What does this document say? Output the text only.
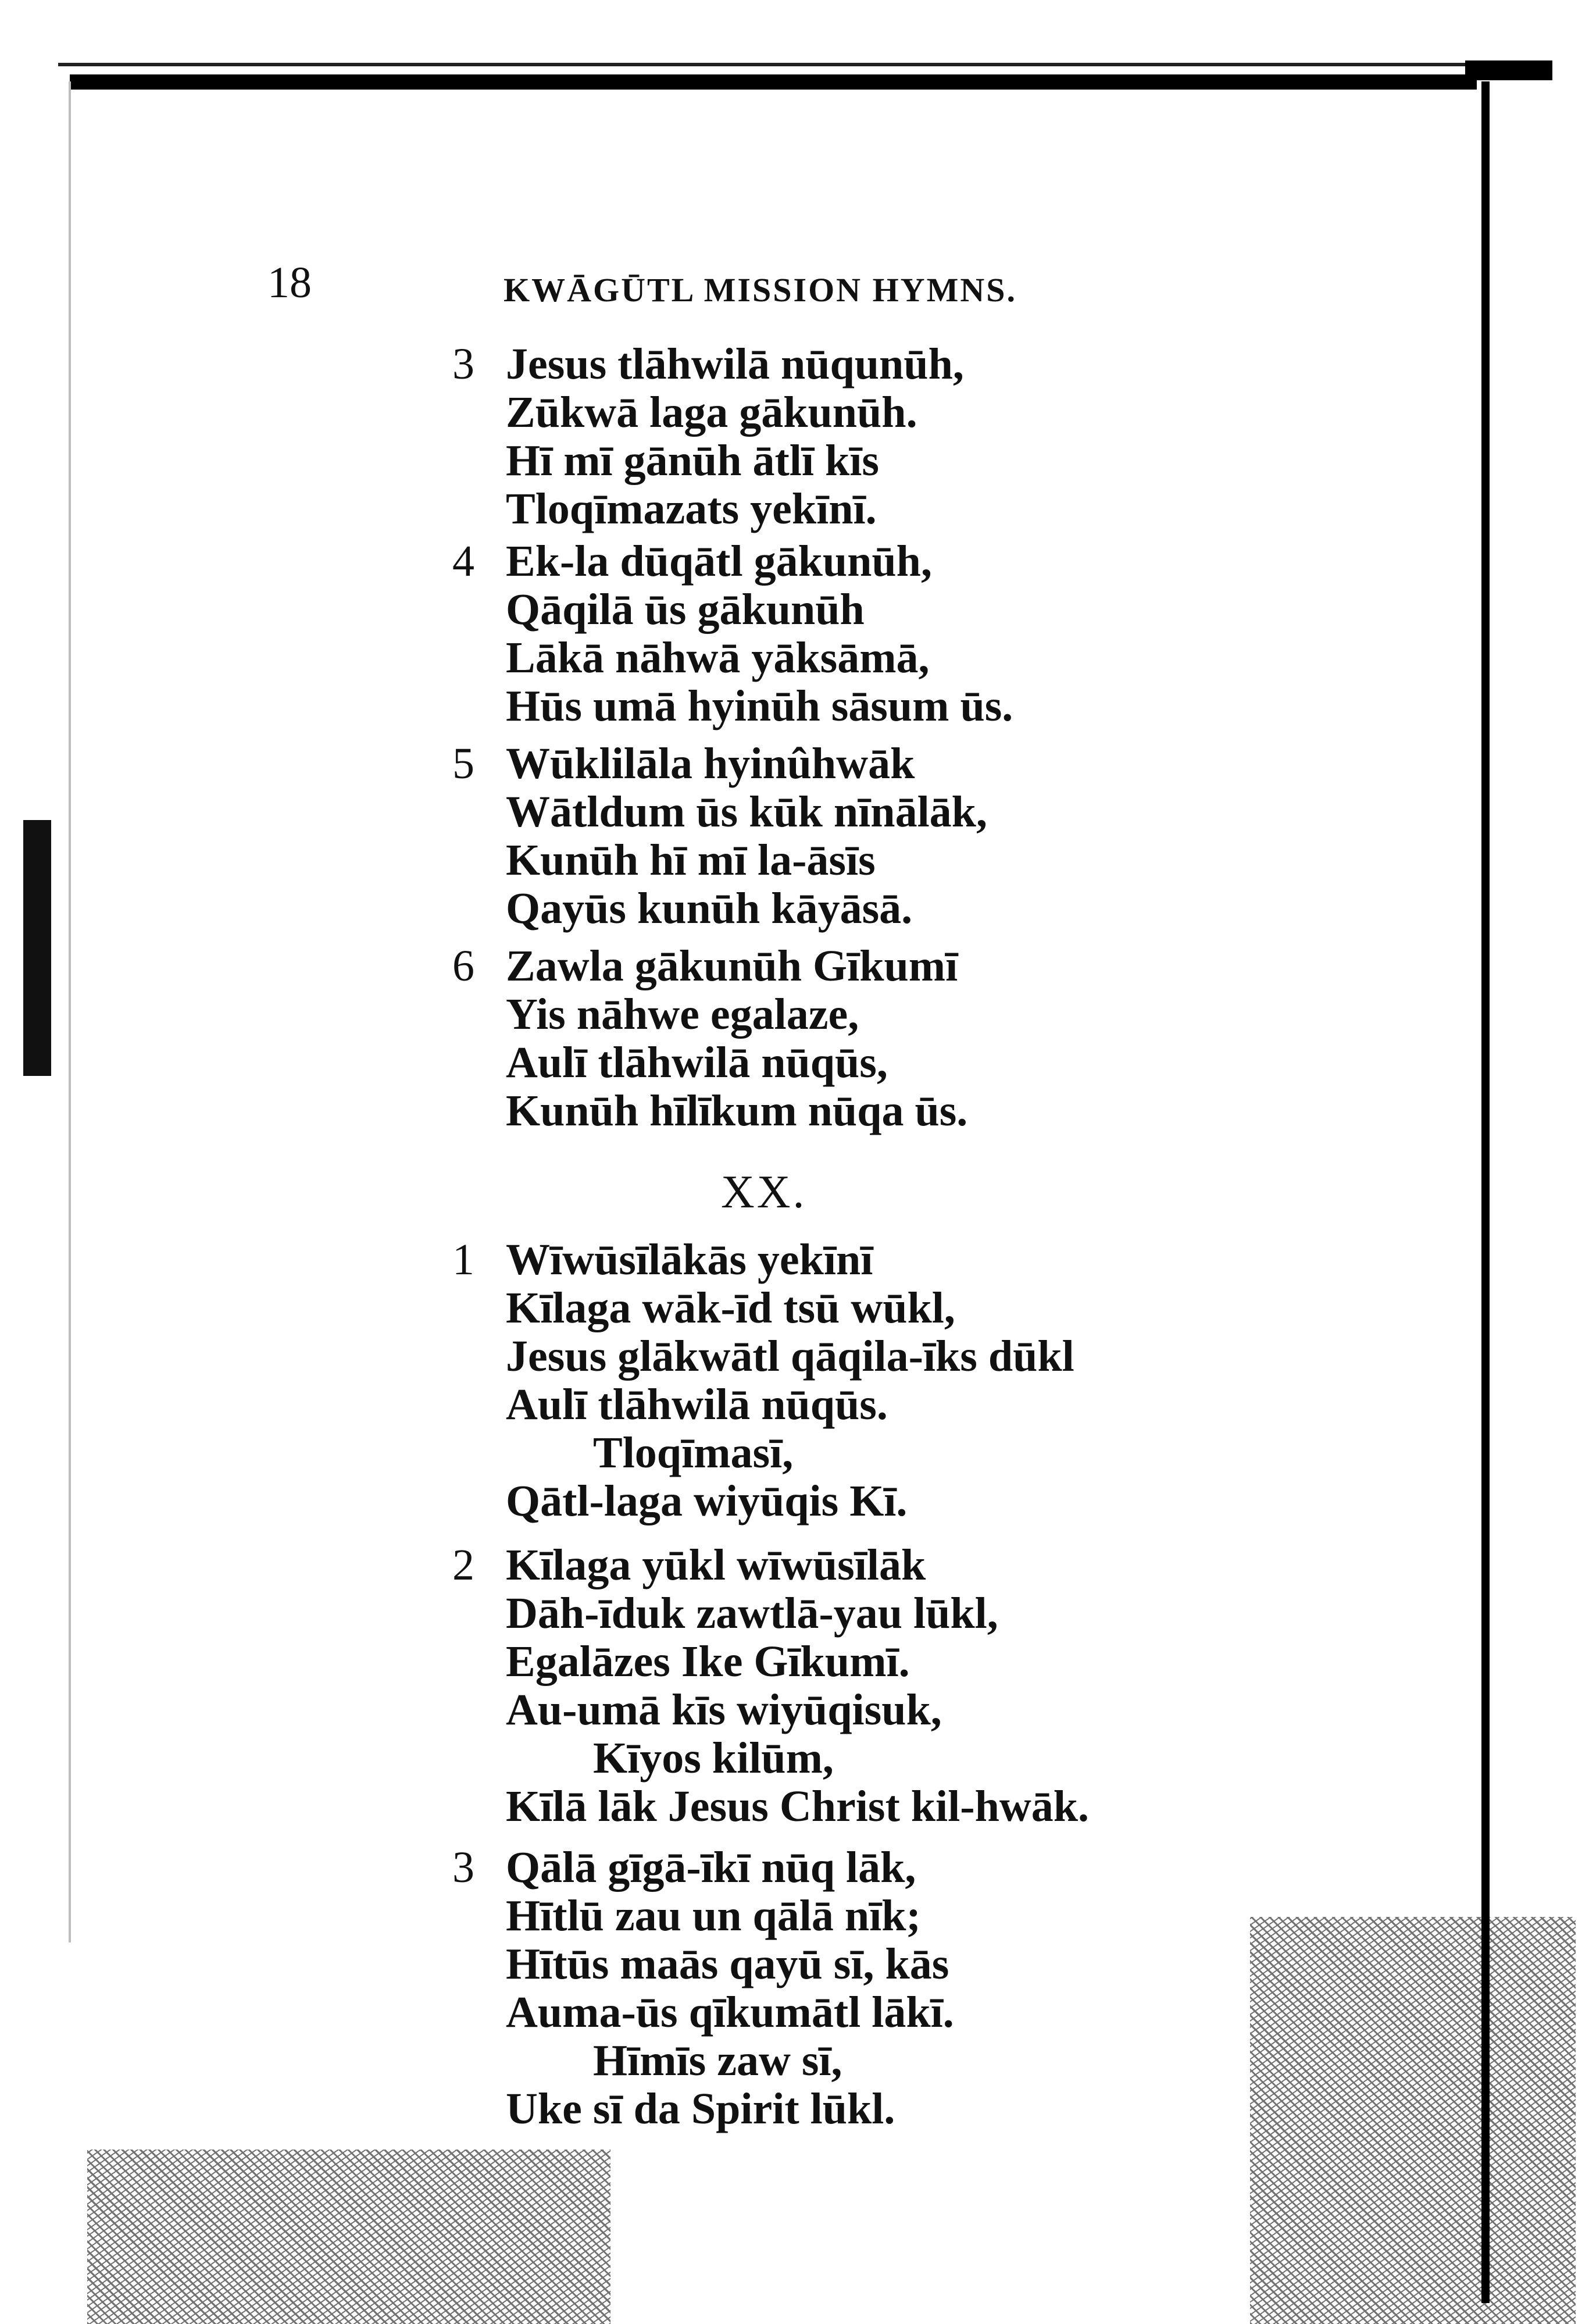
18	KWĀGŪTL MISSION HYMNS.
3 Jesus tlāhwilā nūqunūh,
Zūkwā laga gākunūh.
Hī mī gānūh ātlī kīs
Tloqīmazats yekīnī.
4 Ek-la dūqātl gākunūh,
Qāqilā ūs gākunūh
Lākā nāhwā yāksāmā,
Hūs umā hyinūh sāsum ūs.
5 Wūklilāla hyinûhwāk
Wātldum ūs kūk nīnālāk,
Kunūh hī mī la-āsīs
Qayūs kunūh kāyāsā.
6 Zawla gākunūh Gīkumī
Yis nāhwe egalaze,
Aulī tlāhwilā nūqūs,
Kunūh hīlīkum nūqa ūs.
XX.
1 Wīwūsīlākās yekīnī
Kīlaga wāk-īd tsū wūkl,
Jesus glākwātl qāqila-īks dūkl
Aulī tlāhwilā nūqūs.
Tloqīmasī,
Qātl-laga wiyūqis Kī.
2 Kīlaga yūkl wīwūsīlāk
Dāh-īduk zawtlā-yau lūkl,
Egalāzes Ike Gīkumī.
Au-umā kīs wiyūqisuk,
Kīyos kilūm,
Kīlā lāk Jesus Christ kil-hwāk.
3 Qālā gīgā-īkī nūq lāk,
Hītlū zau un qālā nīk;
Hītūs maās qayū sī, kās
Auma-ūs qīkumātl lākī.
Hīmīs zaw sī,
Uke sī da Spirit lūkl.
